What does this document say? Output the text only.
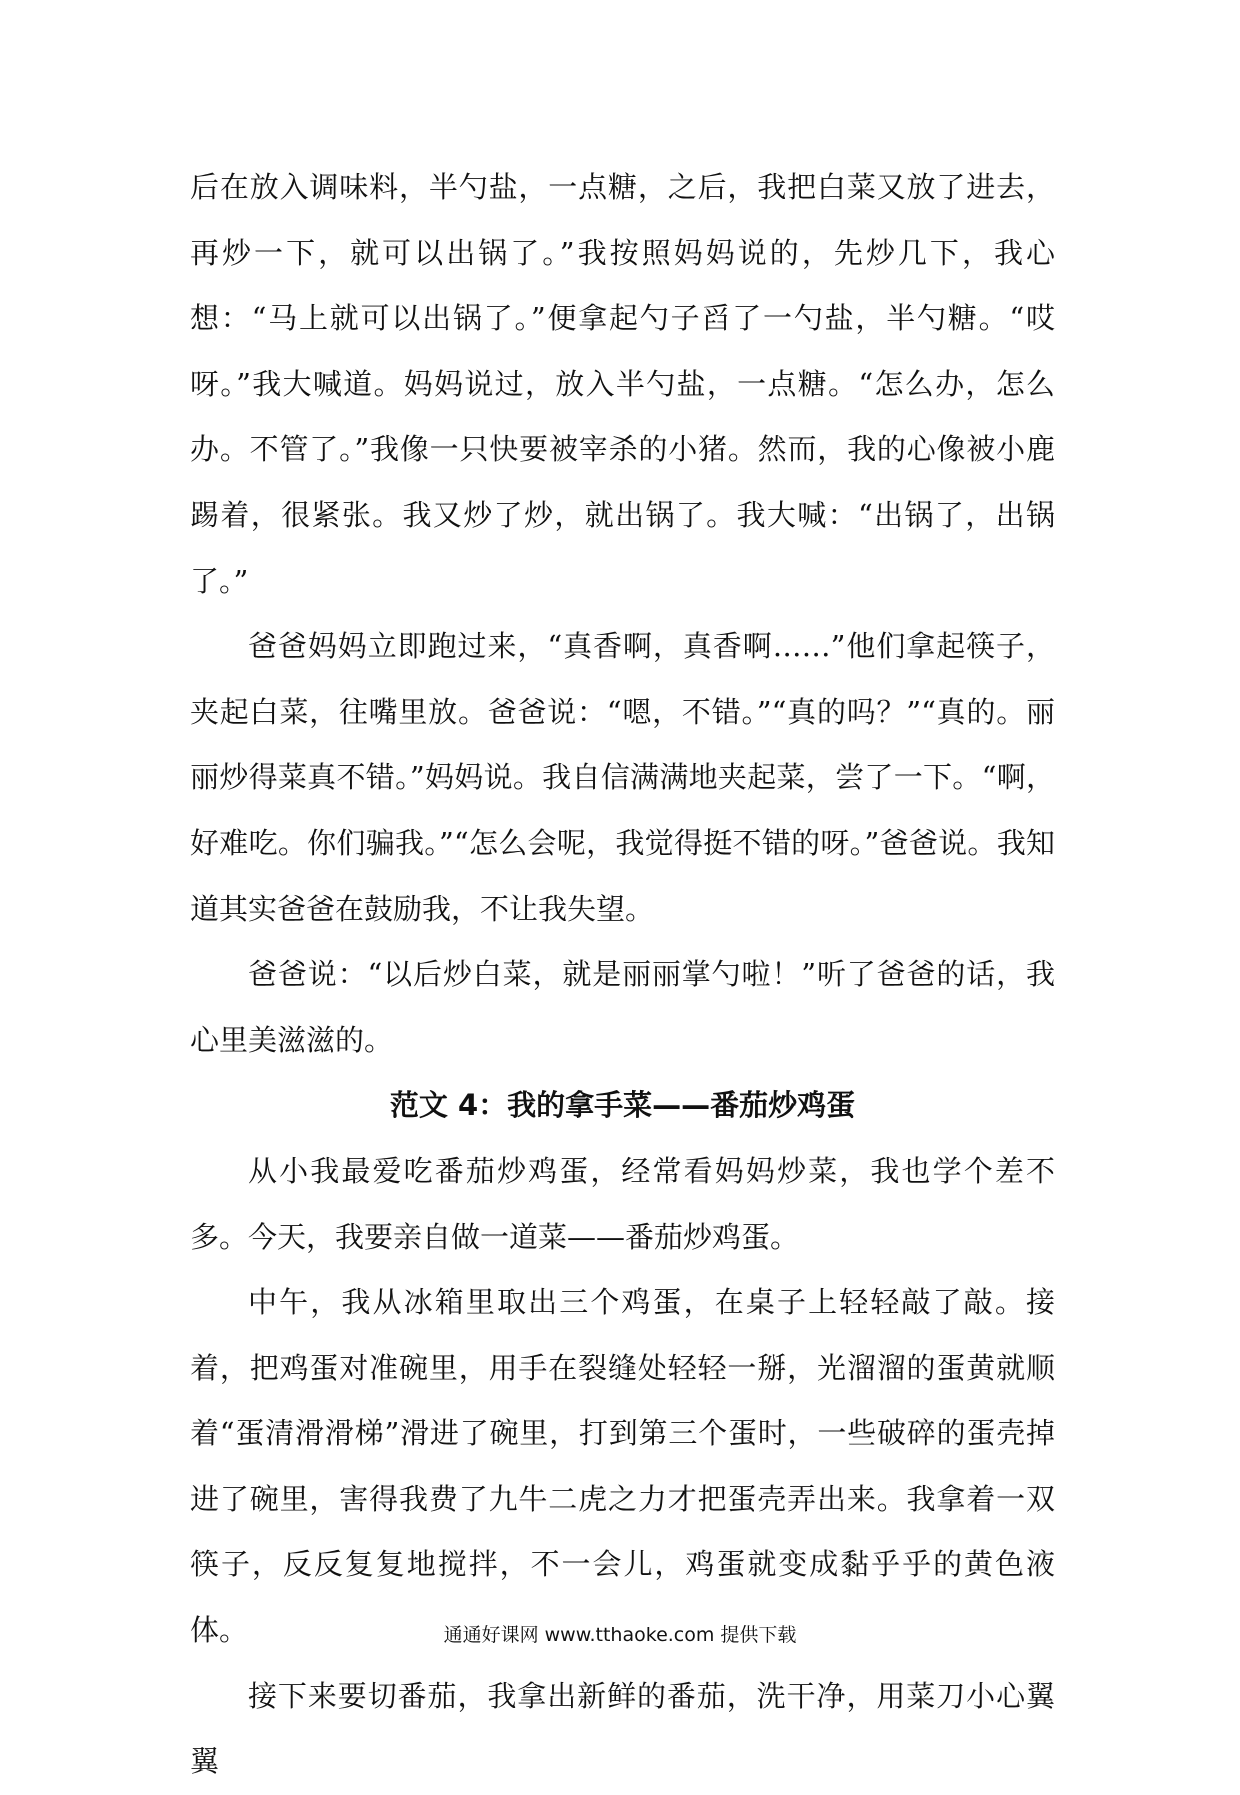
后在放入调味料，半勺盐，一点糖，之后，我把白菜又放了进去，再炒一下，就可以出锅了。”我按照妈妈说的，先炒几下，我心想：“马上就可以出锅了。”便拿起勺子舀了一勺盐，半勺糖。“哎呀。”我大喊道。妈妈说过，放入半勺盐，一点糖。“怎么办，怎么办。不管了。”我像一只快要被宰杀的小猪。然而，我的心像被小鹿踢着，很紧张。我又炒了炒，就出锅了。我大喊：“出锅了，出锅了。”

爸爸妈妈立即跑过来，“真香啊，真香啊……”他们拿起筷子，夹起白菜，往嘴里放。爸爸说：“嗯，不错。”“真的吗？”“真的。丽丽炒得菜真不错。”妈妈说。我自信满满地夹起菜，尝了一下。“啊，好难吃。你们骗我。”“怎么会呢，我觉得挺不错的呀。”爸爸说。我知道其实爸爸在鼓励我，不让我失望。

爸爸说：“以后炒白菜，就是丽丽掌勺啦！”听了爸爸的话，我心里美滋滋的。

范文 4：我的拿手菜——番茄炒鸡蛋

从小我最爱吃番茄炒鸡蛋，经常看妈妈炒菜，我也学个差不多。今天，我要亲自做一道菜——番茄炒鸡蛋。

中午，我从冰箱里取出三个鸡蛋，在桌子上轻轻敲了敲。接着，把鸡蛋对准碗里，用手在裂缝处轻轻一掰，光溜溜的蛋黄就顺着“蛋清滑滑梯”滑进了碗里，打到第三个蛋时，一些破碎的蛋壳掉进了碗里，害得我费了九牛二虎之力才把蛋壳弄出来。我拿着一双筷子，反反复复地搅拌，不一会儿，鸡蛋就变成黏乎乎的黄色液体。

接下来要切番茄，我拿出新鲜的番茄，洗干净，用菜刀小心翼翼

通通好课网 www.tthaoke.com 提供下载
